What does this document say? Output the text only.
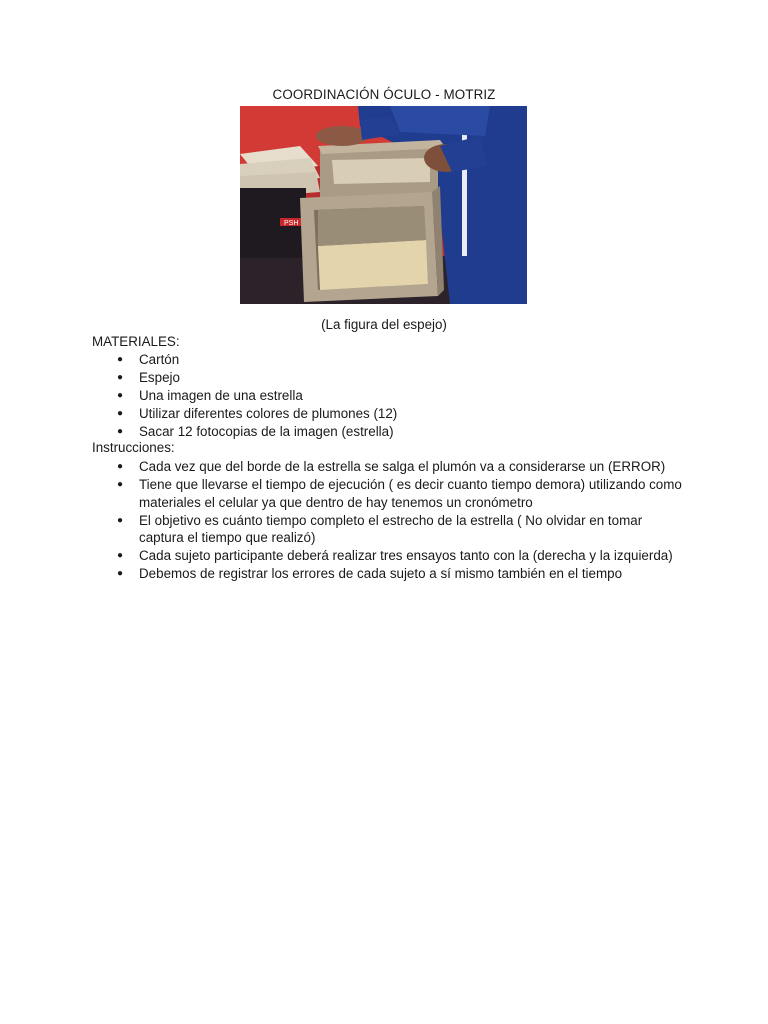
COORDINACIÓN ÓCULO - MOTRIZ
PSH
(La figura del espejo)
MATERIALES:
● Cartón
● Espejo
● Una imagen de una estrella
● Utilizar diferentes colores de plumones (12)
● Sacar 12 fotocopias de la imagen (estrella)
Instrucciones:
● Cada vez que del borde de la estrella se salga el plumón va a considerarse un (ERROR)
● Tiene que llevarse el tiempo de ejecución ( es decir cuanto tiempo demora) utilizando como materiales el celular ya que dentro de hay tenemos un cronómetro
● El objetivo es cuánto tiempo completo el estrecho de la estrella ( No olvidar en tomar captura el tiempo que realizó)
● Cada sujeto participante deberá realizar tres ensayos tanto con la (derecha y la izquierda)
● Debemos de registrar los errores de cada sujeto a sí mismo también en el tiempo
